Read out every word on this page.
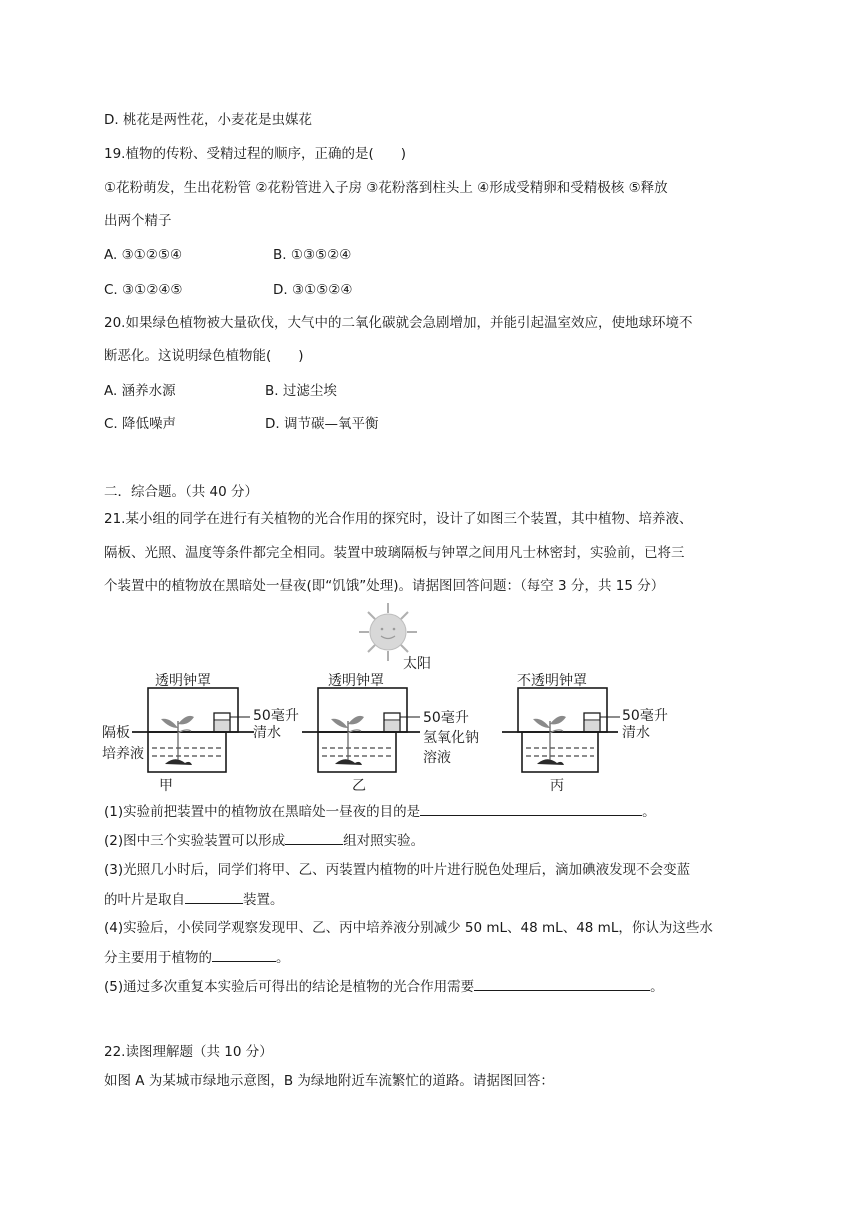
D. 桃花是两性花，小麦花是虫媒花
19.植物的传粉、受精过程的顺序，正确的是(　　)
①花粉萌发，生出花粉管 ②花粉管进入子房 ③花粉落到柱头上 ④形成受精卵和受精极核 ⑤释放
出两个精子
A. ③①②⑤④	B. ①③⑤②④
C. ③①②④⑤	D. ③①⑤②④
20.如果绿色植物被大量砍伐，大气中的二氧化碳就会急剧增加，并能引起温室效应，使地球环境不
断恶化。这说明绿色植物能(　　)
A. 涵养水源	B. 过滤尘埃
C. 降低噪声	D. 调节碳—氧平衡
二．综合题。（共 40 分）
21.某小组的同学在进行有关植物的光合作用的探究时，设计了如图三个装置，其中植物、培养液、
隔板、光照、温度等条件都完全相同。装置中玻璃隔板与钟罩之间用凡士林密封，实验前，已将三
个装置中的植物放在黑暗处一昼夜(即“饥饿”处理)。请据图回答问题：（每空 3 分，共 15 分）
太阳
透明钟罩
甲
50毫升
清水
隔板
培养液
透明钟罩
乙
50毫升
氢氧化钠
溶液
不透明钟罩
丙
50毫升
清水
(1)实验前把装置中的植物放在黑暗处一昼夜的目的是	。
(2)图中三个实验装置可以形成	组对照实验。
(3)光照几小时后，同学们将甲、乙、丙装置内植物的叶片进行脱色处理后，滴加碘液发现不会变蓝
的叶片是取自	装置。
(4)实验后，小侯同学观察发现甲、乙、丙中培养液分别减少 50 mL、48 mL、48 mL，你认为这些水
分主要用于植物的	。
(5)通过多次重复本实验后可得出的结论是植物的光合作用需要	。
22.读图理解题（共 10 分）
如图 A 为某城市绿地示意图，B 为绿地附近车流繁忙的道路。请据图回答：
